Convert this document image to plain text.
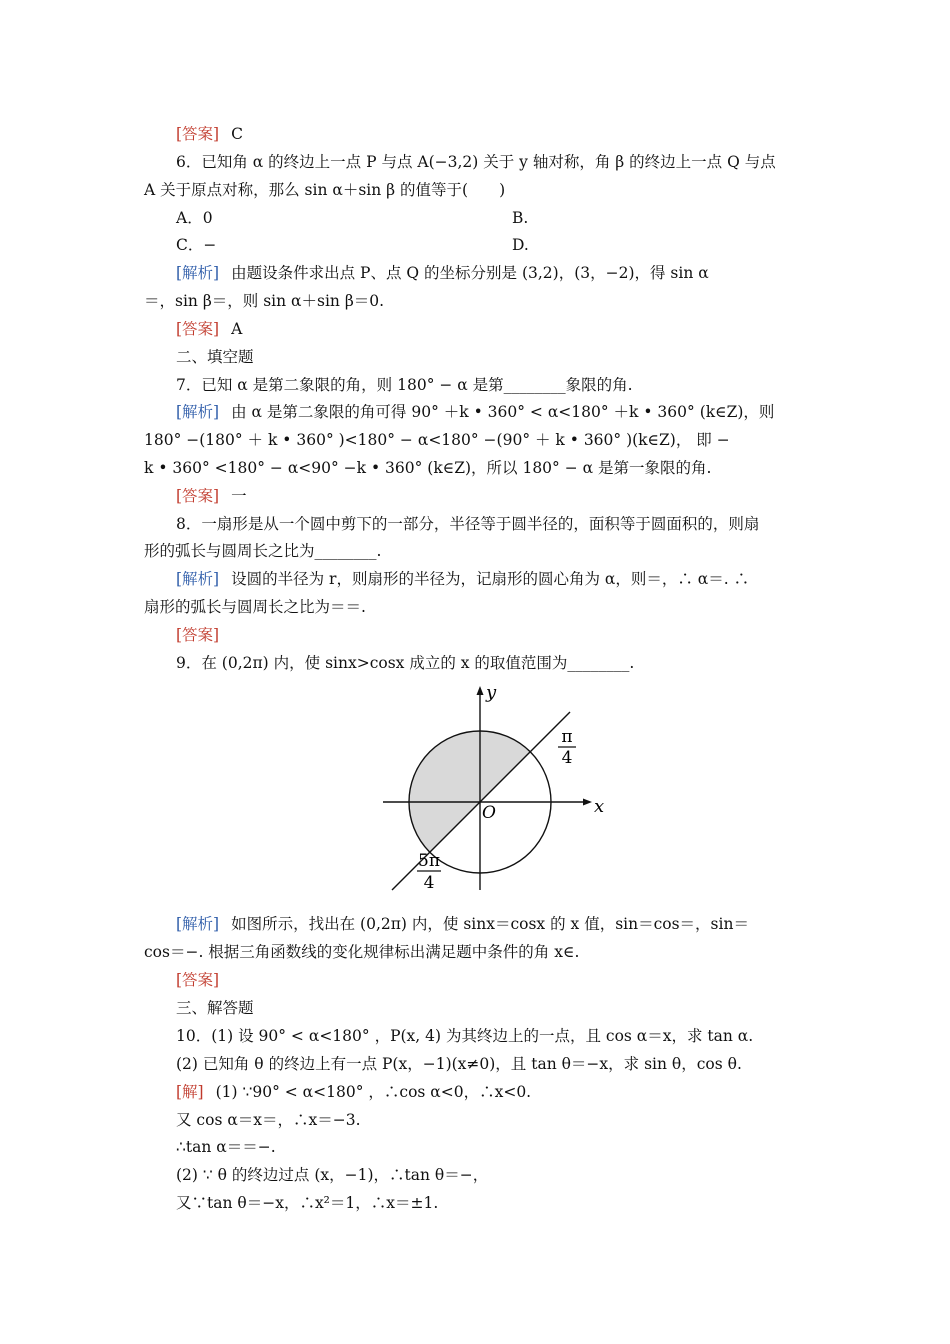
[答案] C
6．已知角 α 的终边上一点 P 与点 A(−3,2) 关于 y 轴对称，角 β 的终边上一点 Q 与点
A 关于原点对称，那么 sin α＋sin β 的值等于(　　)
A．0	B.
C．−	D.
[解析] 由题设条件求出点 P、点 Q 的坐标分别是 (3,2)，(3，−2)，得 sin α
＝，sin β＝，则 sin α＋sin β＝0.
[答案] A
二、填空题
7．已知 α 是第二象限的角，则 180° − α 是第________象限的角.
[解析] 由 α 是第二象限的角可得 90° ＋k • 360° < α<180° ＋k • 360° (k∈Z)，则
180° −(180° ＋ k • 360° )<180° − α<180° −(90° ＋ k • 360° )(k∈Z)， 即 −
k • 360° <180° − α<90° −k • 360° (k∈Z)，所以 180° − α 是第一象限的角.
[答案] 一
8．一扇形是从一个圆中剪下的一部分，半径等于圆半径的，面积等于圆面积的，则扇
形的弧长与圆周长之比为________.
[解析] 设圆的半径为 r，则扇形的半径为，记扇形的圆心角为 α，则＝，∴ α＝. ∴
扇形的弧长与圆周长之比为＝＝.
[答案]
9．在 (0,2π) 内，使 sinx>cosx 成立的 x 的取值范围为________.
x
y
O
π
4
5π
4
[解析] 如图所示，找出在 (0,2π) 内，使 sinx＝cosx 的 x 值，sin＝cos＝，sin＝
cos＝−. 根据三角函数线的变化规律标出满足题中条件的角 x∈.
[答案]
三、解答题
10．(1) 设 90° < α<180° ，P(x, 4) 为其终边上的一点，且 cos α＝x，求 tan α.
(2) 已知角 θ 的终边上有一点 P(x，−1)(x≠0)，且 tan θ＝−x，求 sin θ，cos θ.
[解] (1) ∵90° < α<180° ，∴cos α<0，∴x<0.
又 cos α＝x＝，∴x＝−3.
∴tan α＝＝−.
(2) ∵ θ 的终边过点 (x，−1)，∴tan θ＝−，
又∵tan θ＝−x，∴x²＝1，∴x＝±1.
